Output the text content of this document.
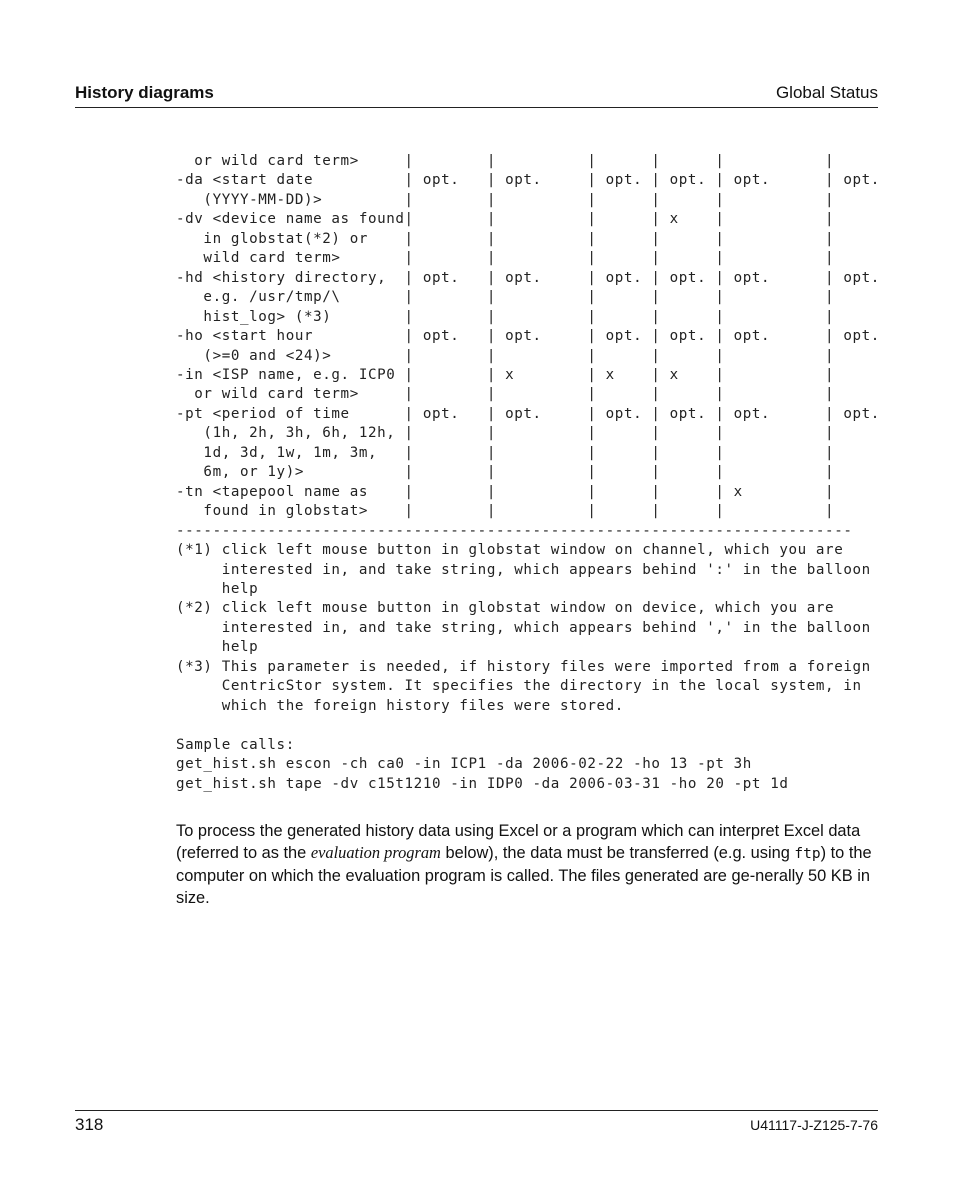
History diagrams	Global Status
or wild card term>     |        |          |      |      |           |
-da <start date          | opt.   | opt.     | opt. | opt. | opt.      | opt.
(YYYY-MM-DD)>         |        |          |      |      |           |
-dv <device name as found|        |          |      | x    |           |
in globstat(*2) or    |        |          |      |      |           |
wild card term>       |        |          |      |      |           |
-hd <history directory,  | opt.   | opt.     | opt. | opt. | opt.      | opt.
e.g. /usr/tmp/\       |        |          |      |      |           |
hist_log> (*3)        |        |          |      |      |           |
-ho <start hour          | opt.   | opt.     | opt. | opt. | opt.      | opt.
(>=0 and <24)>        |        |          |      |      |           |
-in <ISP name, e.g. ICP0 |        | x        | x    | x    |           |
or wild card term>     |        |          |      |      |           |
-pt <period of time      | opt.   | opt.     | opt. | opt. | opt.      | opt.
(1h, 2h, 3h, 6h, 12h, |        |          |      |      |           |
1d, 3d, 1w, 1m, 3m,   |        |          |      |      |           |
6m, or 1y)>           |        |          |      |      |           |
-tn <tapepool name as    |        |          |      |      | x         |
found in globstat>    |        |          |      |      |           |
--------------------------------------------------------------------------
(*1) click left mouse button in globstat window on channel, which you are
interested in, and take string, which appears behind ':' in the balloon
help
(*2) click left mouse button in globstat window on device, which you are
interested in, and take string, which appears behind ',' in the balloon
help
(*3) This parameter is needed, if history files were imported from a foreign
CentricStor system. It specifies the directory in the local system, in
which the foreign history files were stored.

Sample calls:
get_hist.sh escon -ch ca0 -in ICP1 -da 2006-02-22 -ho 13 -pt 3h
get_hist.sh tape -dv c15t1210 -in IDP0 -da 2006-03-31 -ho 20 -pt 1d

To process the generated history data using Excel or a program which can interpret Excel data (referred to as the evaluation program below), the data must be transferred (e.g. using ftp) to the computer on which the evaluation program is called. The files generated are ge-nerally 50 KB in size.

318	U41117-J-Z125-7-76
